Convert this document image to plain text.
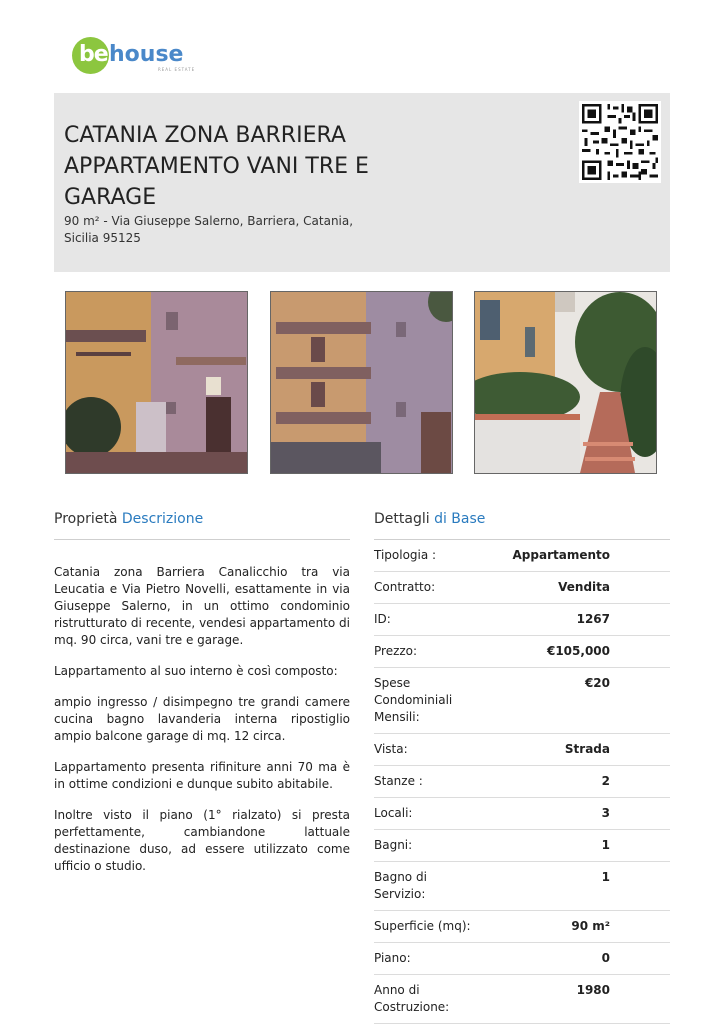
be house
REAL ESTATE
CATANIA ZONA BARRIERA APPARTAMENTO VANI TRE E GARAGE
90 m² - Via Giuseppe Salerno, Barriera, Catania, Sicilia 95125
Proprietà Descrizione

Catania zona Barriera Canalicchio tra via Leucatia e Via Pietro Novelli, esattamente in via Giuseppe Salerno, in un ottimo condominio ristrutturato di recente, vendesi appartamento di mq. 90 circa, vani tre e garage.

Lappartamento al suo interno è così composto:

ampio ingresso / disimpegno tre grandi camere cucina bagno lavanderia interna ripostiglio ampio balcone garage di mq. 12 circa.

Lappartamento presenta rifiniture anni 70 ma è in ottime condizioni e dunque subito abitabile.

Inoltre visto il piano (1° rialzato) si presta perfettamente, cambiandone lattuale destinazione duso, ad essere utilizzato come ufficio o studio.

Dettagli di Base
Tipologia :	Appartamento
Contratto:	Vendita
ID:	1267
Prezzo:	€105,000
Spese Condominiali Mensili:
€20
Vista:	Strada
Stanze :	2
Locali:	3
Bagni:	1
Bagno di Servizio:
1
Superficie (mq):	90 m²
Piano:	0
Anno di Costruzione:
1980
